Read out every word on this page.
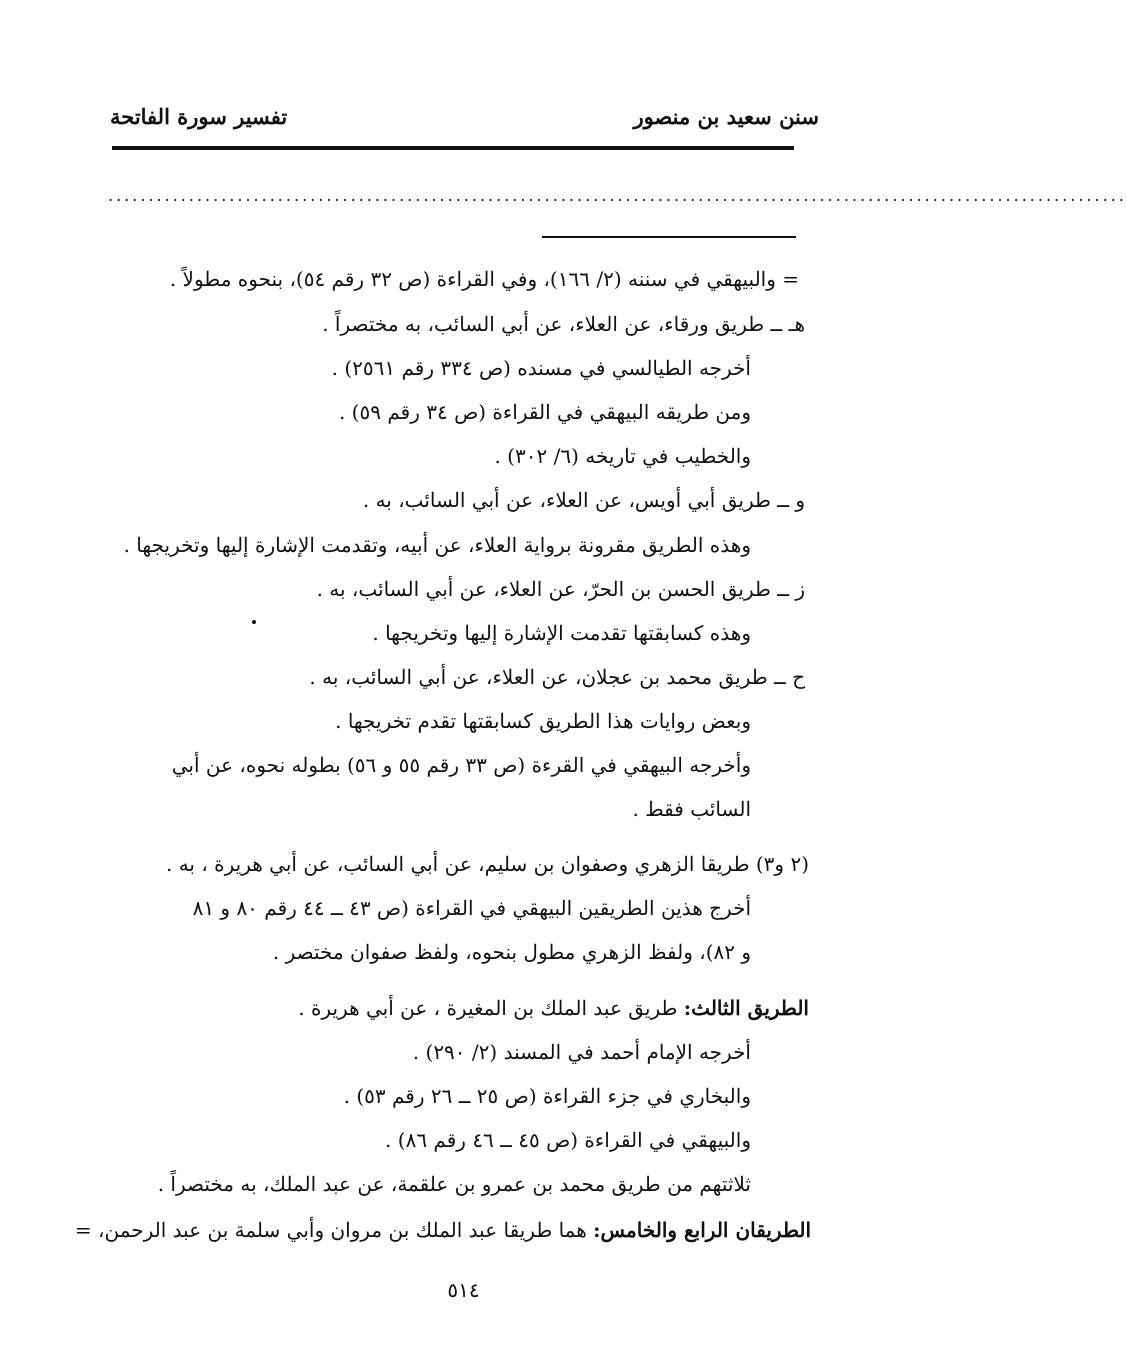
سنن سعيد بن منصور
تفسير سورة الفاتحة
..............................................................................................................................
= والبيهقي في سننه (٢/ ١٦٦)، وفي القراءة (ص ٣٢ رقم ٥٤)، بنحوه مطولاً .
هـ ــ طريق ورقاء، عن العلاء، عن أبي السائب، به مختصراً .
أخرجه الطيالسي في مسنده (ص ٣٣٤ رقم ٢٥٦١) .
ومن طريقه البيهقي في القراءة (ص ٣٤ رقم ٥٩) .
والخطيب في تاريخه (٦/ ٣٠٢) .
و ــ طريق أبي أويس، عن العلاء، عن أبي السائب، به .
وهذه الطريق مقرونة برواية العلاء، عن أبيه، وتقدمت الإشارة إليها وتخريجها .
ز ــ طريق الحسن بن الحرّ، عن العلاء، عن أبي السائب، به .
وهذه كسابقتها تقدمت الإشارة إليها وتخريجها .
ح ــ طريق محمد بن عجلان، عن العلاء، عن أبي السائب، به .
وبعض روايات هذا الطريق كسابقتها تقدم تخريجها .
وأخرجه البيهقي في القرءة (ص ٣٣ رقم ٥٥ و ٥٦) بطوله نحوه، عن أبي
السائب فقط .
(٢ و٣) طريقا الزهري وصفوان بن سليم، عن أبي السائب، عن أبي هريرة ، به .
أخرج هذين الطريقين البيهقي في القراءة (ص ٤٣ ــ ٤٤ رقم ٨٠ و ٨١
و ٨٢)، ولفظ الزهري مطول بنحوه، ولفظ صفوان مختصر .
الطريق الثالث: طريق عبد الملك بن المغيرة ، عن أبي هريرة .
أخرجه الإمام أحمد في المسند (٢/ ٢٩٠) .
والبخاري في جزء القراءة (ص ٢٥ ــ ٢٦ رقم ٥٣) .
والبيهقي في القراءة (ص ٤٥ ــ ٤٦ رقم ٨٦) .
ثلاثتهم من طريق محمد بن عمرو بن علقمة، عن عبد الملك، به مختصراً .
الطريقان الرابع والخامس: هما طريقا عبد الملك بن مروان وأبي سلمة بن عبد الرحمن، =
٥١٤
